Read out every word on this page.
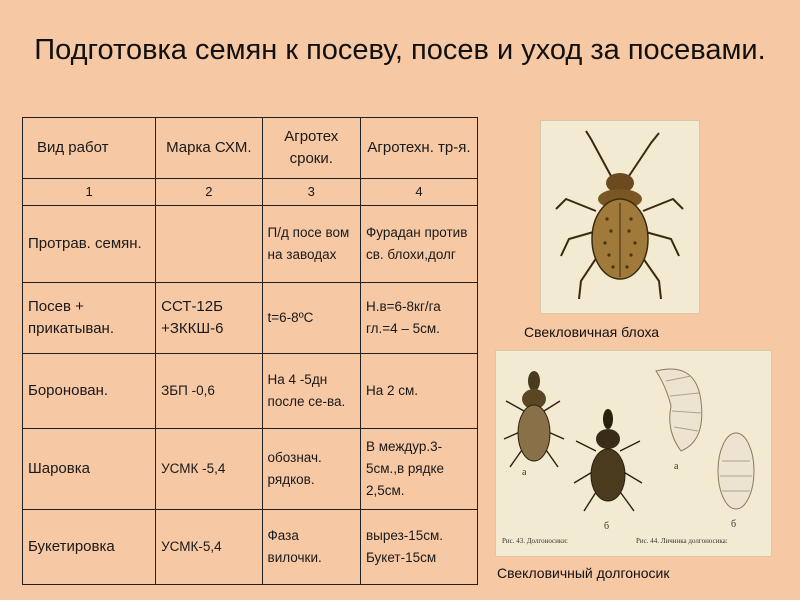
Подготовка семян к посеву, посев и уход за посевами.
Вид работ	Марка СХМ.	Агротех сроки.	Агротехн. тр-я.
1	2	3	4
Протрав. семян.		П/д посе вом на заводах	Фурадан против св. блохи,долг
Посев + прикатыван.	ССТ-12Б +ЗККШ-6	t=6-8ºС	Н.в=6-8кг/га гл.=4 – 5см.
Боронован.	ЗБП -0,6	На 4 -5дн после се-ва.	На 2 см.
Шаровка	УСМК -5,4	обознач. рядков.	В междур.3-5см.,в рядке 2,5см.
Букетировка	УСМК-5,4	Фаза вилочки.	вырез-15см. Букет-15см
Свекловичная блоха
а
б
а
б
Рис. 43. Долгоносики:	Рис. 44. Личинка долгоносика:
Свекловичный долгоносик
